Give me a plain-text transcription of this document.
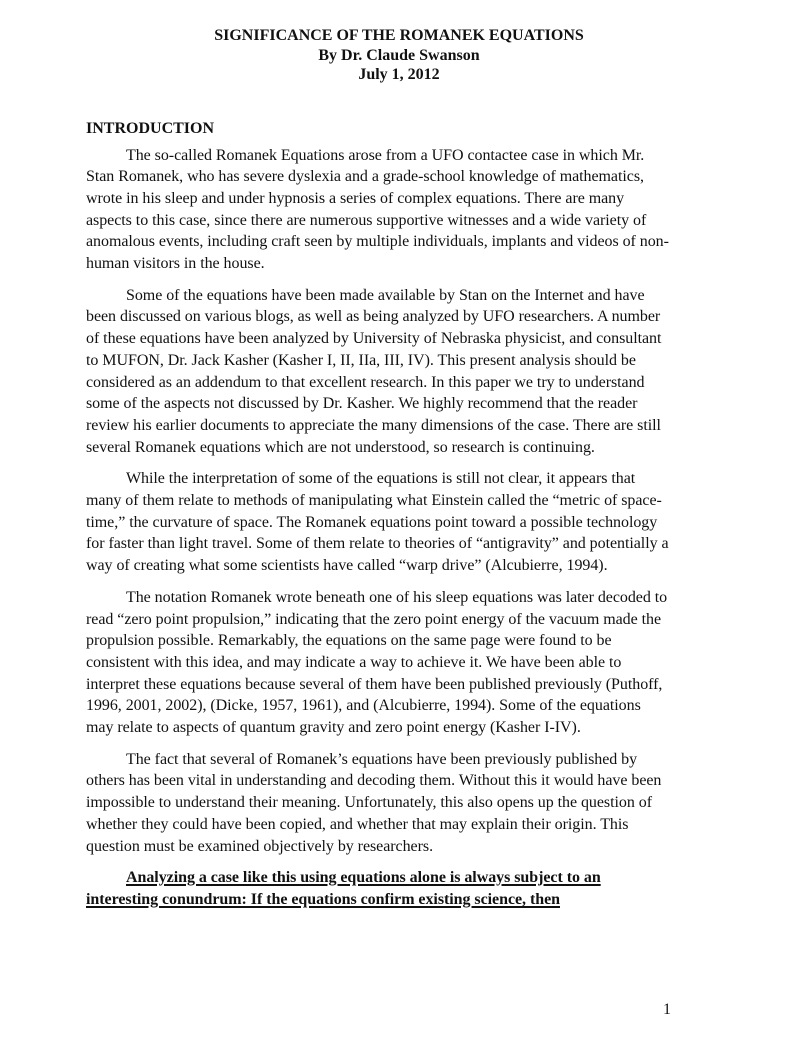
SIGNIFICANCE OF THE ROMANEK EQUATIONS
By Dr. Claude Swanson
July 1, 2012
INTRODUCTION

The so-called Romanek Equations arose from a UFO contactee case in which Mr. Stan Romanek, who has severe dyslexia and a grade-school knowledge of mathematics, wrote in his sleep and under hypnosis a series of complex equations. There are many aspects to this case, since there are numerous supportive witnesses and a wide variety of anomalous events, including craft seen by multiple individuals, implants and videos of non-human visitors in the house.

Some of the equations have been made available by Stan on the Internet and have been discussed on various blogs, as well as being analyzed by UFO researchers. A number of these equations have been analyzed by University of Nebraska physicist, and consultant to MUFON, Dr. Jack Kasher (Kasher I, II, IIa, III, IV). This present analysis should be considered as an addendum to that excellent research. In this paper we try to understand some of the aspects not discussed by Dr. Kasher. We highly recommend that the reader review his earlier documents to appreciate the many dimensions of the case. There are still several Romanek equations which are not understood, so research is continuing.

While the interpretation of some of the equations is still not clear, it appears that many of them relate to methods of manipulating what Einstein called the “metric of space-time,” the curvature of space. The Romanek equations point toward a possible technology for faster than light travel. Some of them relate to theories of “antigravity” and potentially a way of creating what some scientists have called “warp drive” (Alcubierre, 1994).

The notation Romanek wrote beneath one of his sleep equations was later decoded to read “zero point propulsion,” indicating that the zero point energy of the vacuum made the propulsion possible. Remarkably, the equations on the same page were found to be consistent with this idea, and may indicate a way to achieve it. We have been able to interpret these equations because several of them have been published previously (Puthoff, 1996, 2001, 2002), (Dicke, 1957, 1961), and (Alcubierre, 1994). Some of the equations may relate to aspects of quantum gravity and zero point energy (Kasher I-IV).

The fact that several of Romanek’s equations have been previously published by others has been vital in understanding and decoding them. Without this it would have been impossible to understand their meaning. Unfortunately, this also opens up the question of whether they could have been copied, and whether that may explain their origin. This question must be examined objectively by researchers.

Analyzing a case like this using equations alone is always subject to an interesting conundrum: If the equations confirm existing science, then

1
